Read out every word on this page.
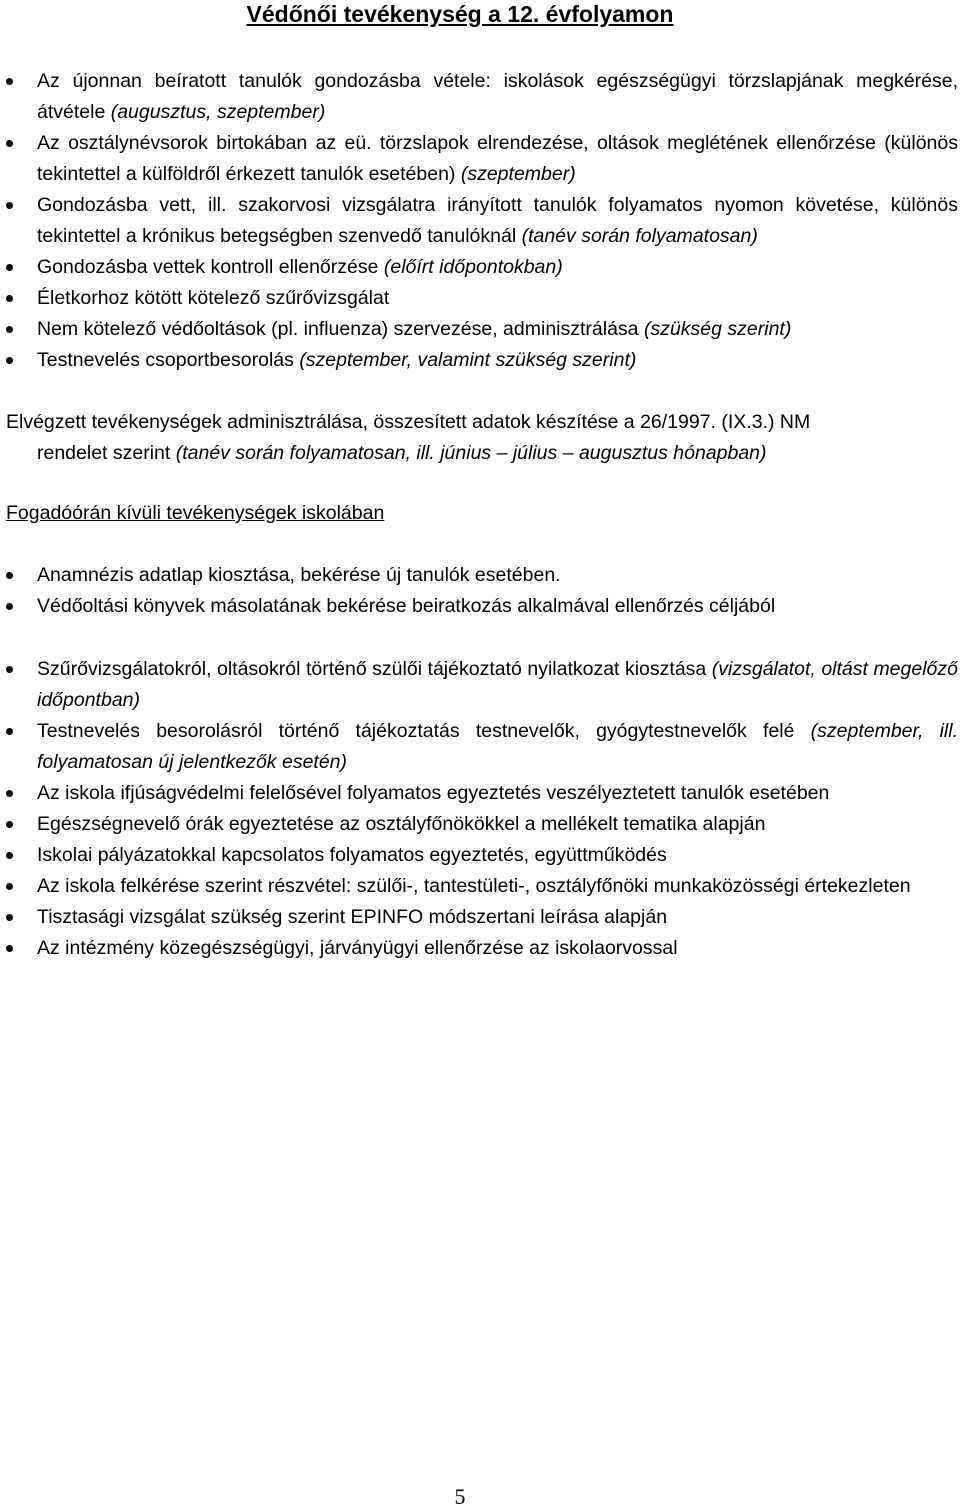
Védőnői tevékenység a 12. évfolyamon
Az újonnan beíratott tanulók gondozásba vétele: iskolások egészségügyi törzslapjának megkérése, átvétele (augusztus, szeptember)
Az osztálynévsorok birtokában az eü. törzslapok elrendezése, oltások meglétének ellenőrzése (különös tekintettel a külföldről érkezett tanulók esetében) (szeptember)
Gondozásba vett, ill. szakorvosi vizsgálatra irányított tanulók folyamatos nyomon követése, különös tekintettel a krónikus betegségben szenvedő tanulóknál (tanév során folyamatosan)
Gondozásba vettek kontroll ellenőrzése (előírt időpontokban)
Életkorhoz kötött kötelező szűrővizsgálat
Nem kötelező védőoltások (pl. influenza) szervezése, adminisztrálása (szükség szerint)
Testnevelés csoportbesorolás (szeptember, valamint szükség szerint)

Elvégzett tevékenységek adminisztrálása, összesített adatok készítése a 26/1997. (IX.3.) NM

rendelet szerint (tanév során folyamatosan, ill. június – július – augusztus hónapban)

Fogadóórán kívüli tevékenységek iskolában
Anamnézis adatlap kiosztása, bekérése új tanulók esetében.
Védőoltási könyvek másolatának bekérése beiratkozás alkalmával ellenőrzés céljából
Szűrővizsgálatokról, oltásokról történő szülői tájékoztató nyilatkozat kiosztása (vizsgálatot, oltást megelőző időpontban)
Testnevelés besorolásról történő tájékoztatás testnevelők, gyógytestnevelők felé (szeptember, ill. folyamatosan új jelentkezők esetén)
Az iskola ifjúságvédelmi felelősével folyamatos egyeztetés veszélyeztetett tanulók esetében
Egészségnevelő órák egyeztetése az osztályfőnökökkel a mellékelt tematika alapján
Iskolai pályázatokkal kapcsolatos folyamatos egyeztetés, együttműködés
Az iskola felkérése szerint részvétel: szülői-, tantestületi-, osztályfőnöki munkaközösségi értekezleten
Tisztasági vizsgálat szükség szerint EPINFO módszertani leírása alapján
Az intézmény közegészségügyi, járványügyi ellenőrzése az iskolaorvossal
5
